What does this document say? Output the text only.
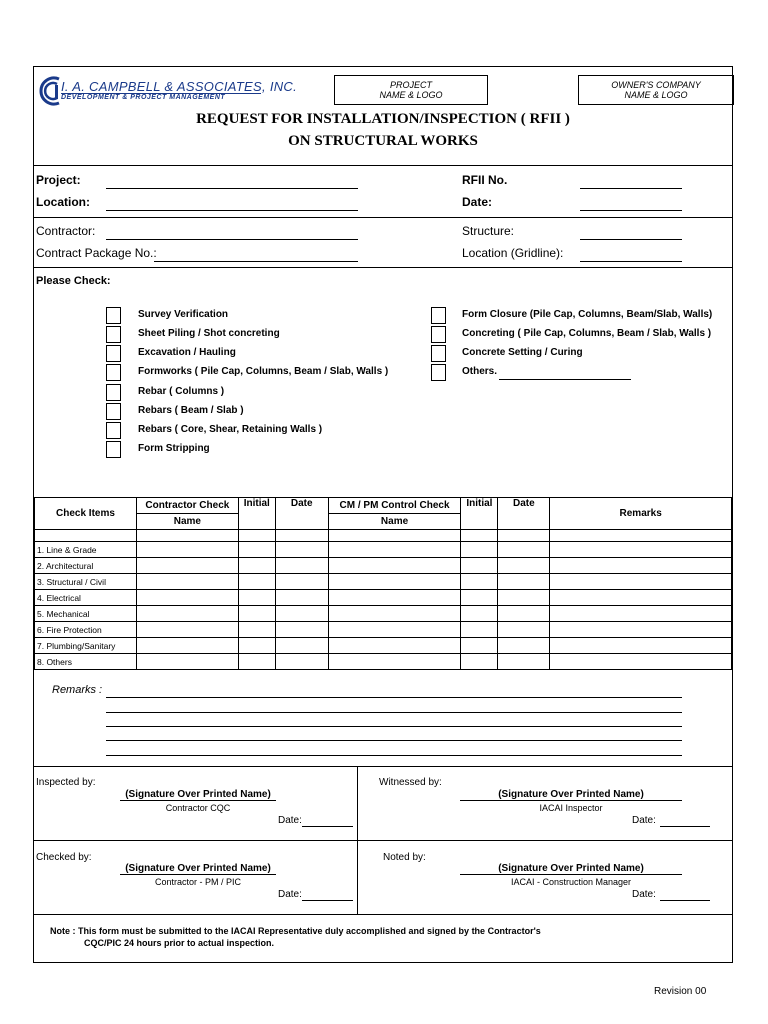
I. A. CAMPBELL & ASSOCIATES, INC.
DEVELOPMENT & PROJECT MANAGEMENT
PROJECT
NAME & LOGO
OWNER'S COMPANY
NAME & LOGO
REQUEST FOR INSTALLATION/INSPECTION ( RFII )
ON STRUCTURAL WORKS
Project:
Location:
RFII No.
Date:
Contractor:
Contract Package No.:
Structure:
Location (Gridline):
Please Check:
Survey Verification
Sheet Piling / Shot concreting
Excavation / Hauling
Formworks ( Pile Cap, Columns, Beam / Slab, Walls )
Rebar ( Columns )
Rebars ( Beam / Slab )
Rebars ( Core, Shear, Retaining Walls )
Form Stripping
Form Closure (Pile Cap, Columns, Beam/Slab, Walls)
Concreting ( Pile Cap, Columns, Beam / Slab, Walls )
Concrete Setting / Curing
Others.
Check Items	Contractor Check	Initial	Date	CM / PM Control Check	Initial	Date	Remarks
	Name			Name			

1. Line & Grade							
2. Architectural							
3. Structural / Civil							
4. Electrical							
5. Mechanical							
6. Fire Protection							
7. Plumbing/Sanitary							
8. Others							
Remarks :
Inspected by:
(Signature Over Printed Name)
Contractor CQC
Date:
Witnessed by:
(Signature Over Printed Name)
IACAI Inspector
Date:
Checked by:
(Signature Over Printed Name)
Contractor - PM / PIC
Date:
Noted by:
(Signature Over Printed Name)
IACAI - Construction Manager
Date:
Note : This form must be submitted to the IACAI Representative duly accomplished and signed by the Contractor's
CQC/PIC 24 hours prior to actual inspection.
Revision 00
